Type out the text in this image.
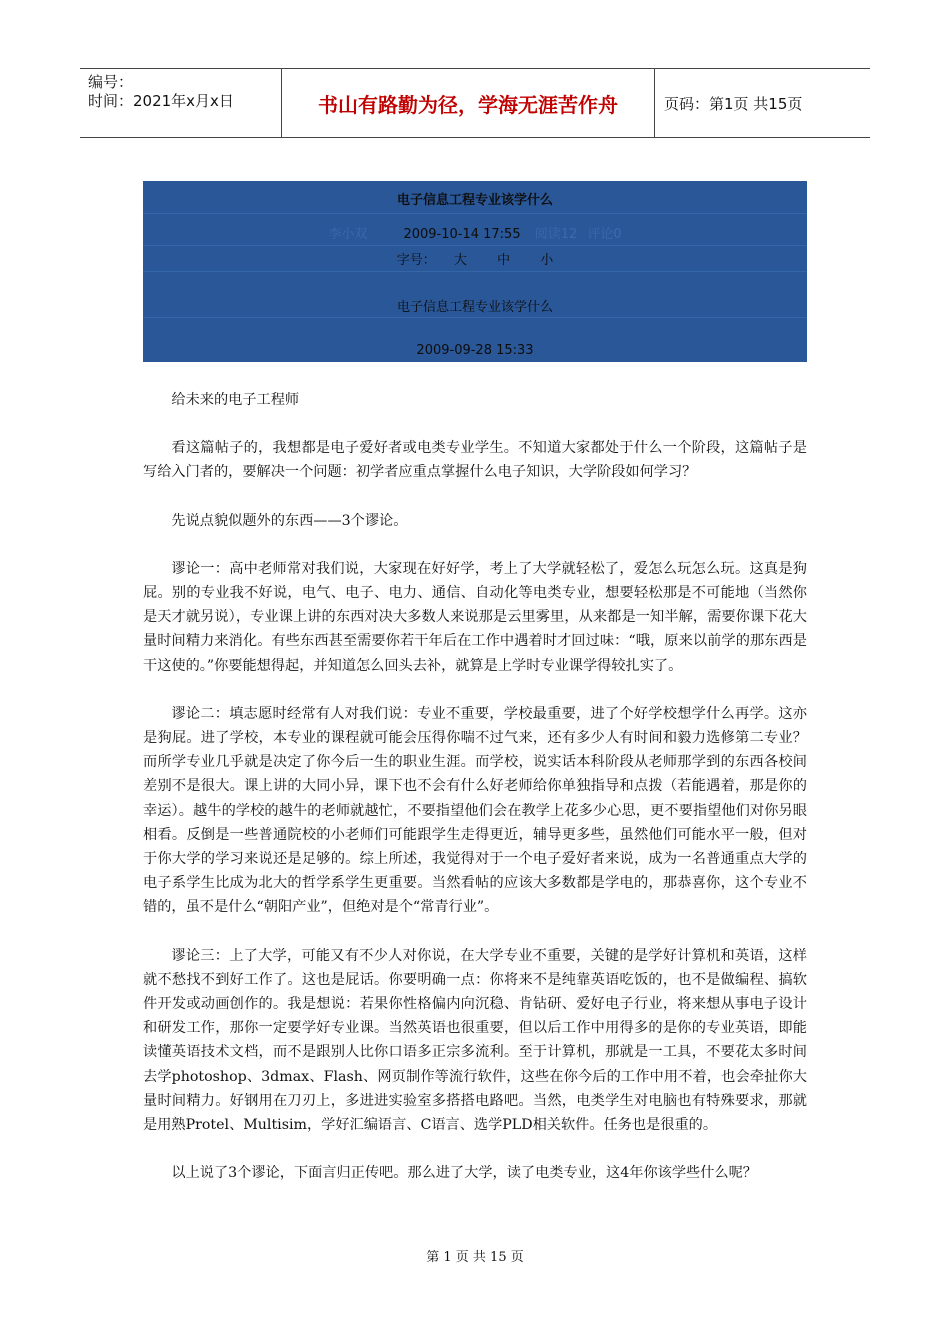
编号：
时间：2021年x月x日	书山有路勤为径，学海无涯苦作舟	页码：第1页 共15页
电子信息工程专业该学什么
李小双	2009-10-14 17:55 阅读12 评论0
字号： 大 中 小
电子信息工程专业该学什么
2009-09-28 15:33

给未来的电子工程师

看这篇帖子的，我想都是电子爱好者或电类专业学生。不知道大家都处于什么一个阶段，这篇帖子是写给入门者的，要解决一个问题：初学者应重点掌握什么电子知识，大学阶段如何学习？

先说点貌似题外的东西——3个谬论。

谬论一：高中老师常对我们说，大家现在好好学，考上了大学就轻松了，爱怎么玩怎么玩。这真是狗屁。别的专业我不好说，电气、电子、电力、通信、自动化等电类专业，想要轻松那是不可能地（当然你是天才就另说），专业课上讲的东西对决大多数人来说那是云里雾里，从来都是一知半解，需要你课下花大量时间精力来消化。有些东西甚至需要你若干年后在工作中遇着时才回过味：“哦，原来以前学的那东西是干这使的。”你要能想得起，并知道怎么回头去补，就算是上学时专业课学得较扎实了。

谬论二：填志愿时经常有人对我们说：专业不重要，学校最重要，进了个好学校想学什么再学。这亦是狗屁。进了学校，本专业的课程就可能会压得你喘不过气来，还有多少人有时间和毅力选修第二专业？而所学专业几乎就是决定了你今后一生的职业生涯。而学校，说实话本科阶段从老师那学到的东西各校间差别不是很大。课上讲的大同小异，课下也不会有什么好老师给你单独指导和点拨（若能遇着，那是你的幸运）。越牛的学校的越牛的老师就越忙，不要指望他们会在教学上花多少心思，更不要指望他们对你另眼相看。反倒是一些普通院校的小老师们可能跟学生走得更近，辅导更多些，虽然他们可能水平一般，但对于你大学的学习来说还是足够的。综上所述，我觉得对于一个电子爱好者来说，成为一名普通重点大学的电子系学生比成为北大的哲学系学生更重要。当然看帖的应该大多数都是学电的，那恭喜你，这个专业不错的，虽不是什么“朝阳产业”，但绝对是个“常青行业”。

谬论三：上了大学，可能又有不少人对你说，在大学专业不重要，关键的是学好计算机和英语，这样就不愁找不到好工作了。这也是屁话。你要明确一点：你将来不是纯靠英语吃饭的，也不是做编程、搞软件开发或动画创作的。我是想说：若果你性格偏内向沉稳、肯钻研、爱好电子行业，将来想从事电子设计和研发工作，那你一定要学好专业课。当然英语也很重要，但以后工作中用得多的是你的专业英语，即能读懂英语技术文档，而不是跟别人比你口语多正宗多流利。至于计算机，那就是一工具，不要花太多时间去学photoshop、3dmax、Flash、网页制作等流行软件，这些在你今后的工作中用不着，也会牵扯你大量时间精力。好钢用在刀刃上，多进进实验室多搭搭电路吧。当然，电类学生对电脑也有特殊要求，那就是用熟Protel、Multisim，学好汇编语言、C语言、选学PLD相关软件。任务也是很重的。

以上说了3个谬论，下面言归正传吧。那么进了大学，读了电类专业，这4年你该学些什么呢？

第 1 页 共 15 页
